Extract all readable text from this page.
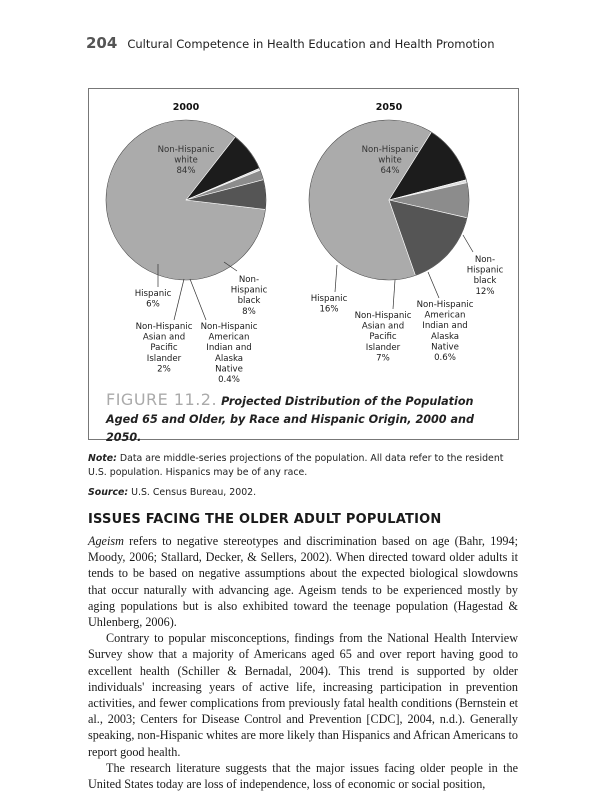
204 Cultural Competence in Health Education and Health Promotion
2000
Non-Hispanic white 84%
Non-Hispanic black 8%
Non-Hispanic American Indian and Alaska Native 0.4%
Non-Hispanic Asian and Pacific Islander 2%
Hispanic 6%
2050
Non-Hispanic white 64%
Non-Hispanic black 12%
Non-Hispanic American Indian and Alaska Native 0.6%
Non-Hispanic Asian and Pacific Islander 7%
Hispanic 16%
FIGURE 11.2. Projected Distribution of the Population Aged 65 and Older, by Race and Hispanic Origin, 2000 and 2050.
Note: Data are middle-series projections of the population. All data refer to the resident U.S. population. Hispanics may be of any race.
Source: U.S. Census Bureau, 2002.
ISSUES FACING THE OLDER ADULT POPULATION

Ageism refers to negative stereotypes and discrimination based on age (Bahr, 1994; Moody, 2006; Stallard, Decker, & Sellers, 2002). When directed toward older adults it tends to be based on negative assumptions about the expected biological slowdowns that occur naturally with advancing age. Ageism tends to be experienced mostly by aging populations but is also exhibited toward the teenage population (Hagestad & Uhlenberg, 2006).

Contrary to popular misconceptions, findings from the National Health Interview Survey show that a majority of Americans aged 65 and over report having good to excellent health (Schiller & Bernadal, 2004). This trend is supported by older individuals' increasing years of active life, increasing participation in prevention activities, and fewer complications from previously fatal health conditions (Bernstein et al., 2003; Centers for Disease Control and Prevention [CDC], 2004, n.d.). Generally speaking, non-Hispanic whites are more likely than Hispanics and African Americans to report good health.

The research literature suggests that the major issues facing older people in the United States today are loss of independence, loss of economic or social position,
